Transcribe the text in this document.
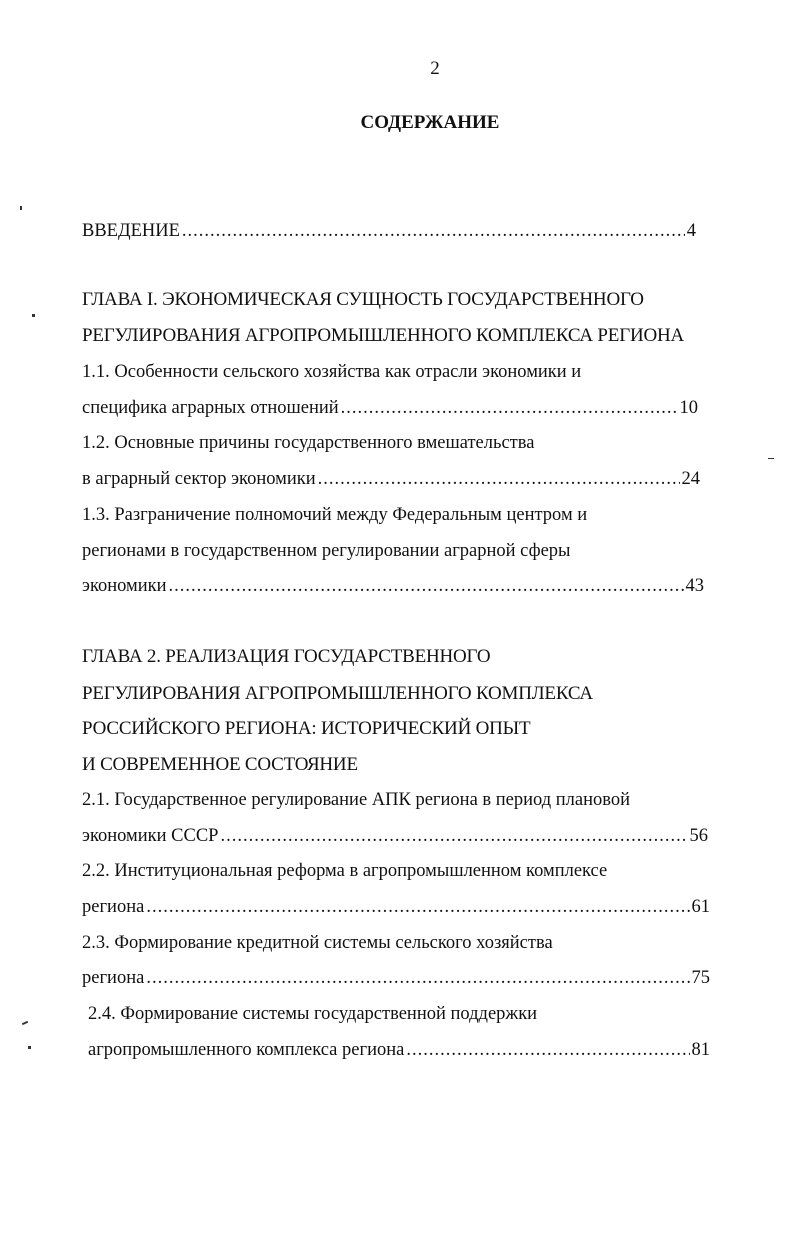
2
СОДЕРЖАНИЕ
ВВЕДЕНИЕ .....	4
ГЛАВА I. ЭКОНОМИЧЕСКАЯ СУЩНОСТЬ ГОСУДАРСТВЕННОГО
РЕГУЛИРОВАНИЯ АГРОПРОМЫШЛЕННОГО КОМПЛЕКСА РЕГИОНА
1.1. Особенности сельского хозяйства как отрасли экономики и
специфика аграрных отношений .....	10
1.2. Основные причины государственного вмешательства
в аграрный сектор экономики .....	24
1.3. Разграничение полномочий между Федеральным центром и
регионами в государственном регулировании аграрной сферы
экономики .....	43
ГЛАВА 2. РЕАЛИЗАЦИЯ ГОСУДАРСТВЕННОГО
РЕГУЛИРОВАНИЯ АГРОПРОМЫШЛЕННОГО КОМПЛЕКСА
РОССИЙСКОГО РЕГИОНА: ИСТОРИЧЕСКИЙ ОПЫТ
И СОВРЕМЕННОЕ СОСТОЯНИЕ
2.1. Государственное регулирование АПК региона в период плановой
экономики СССР .....	56
2.2. Институциональная реформа в агропромышленном комплексе
региона .....	61
2.3. Формирование кредитной системы сельского хозяйства
региона .....	75
2.4. Формирование системы государственной поддержки
агропромышленного комплекса региона .....	81
